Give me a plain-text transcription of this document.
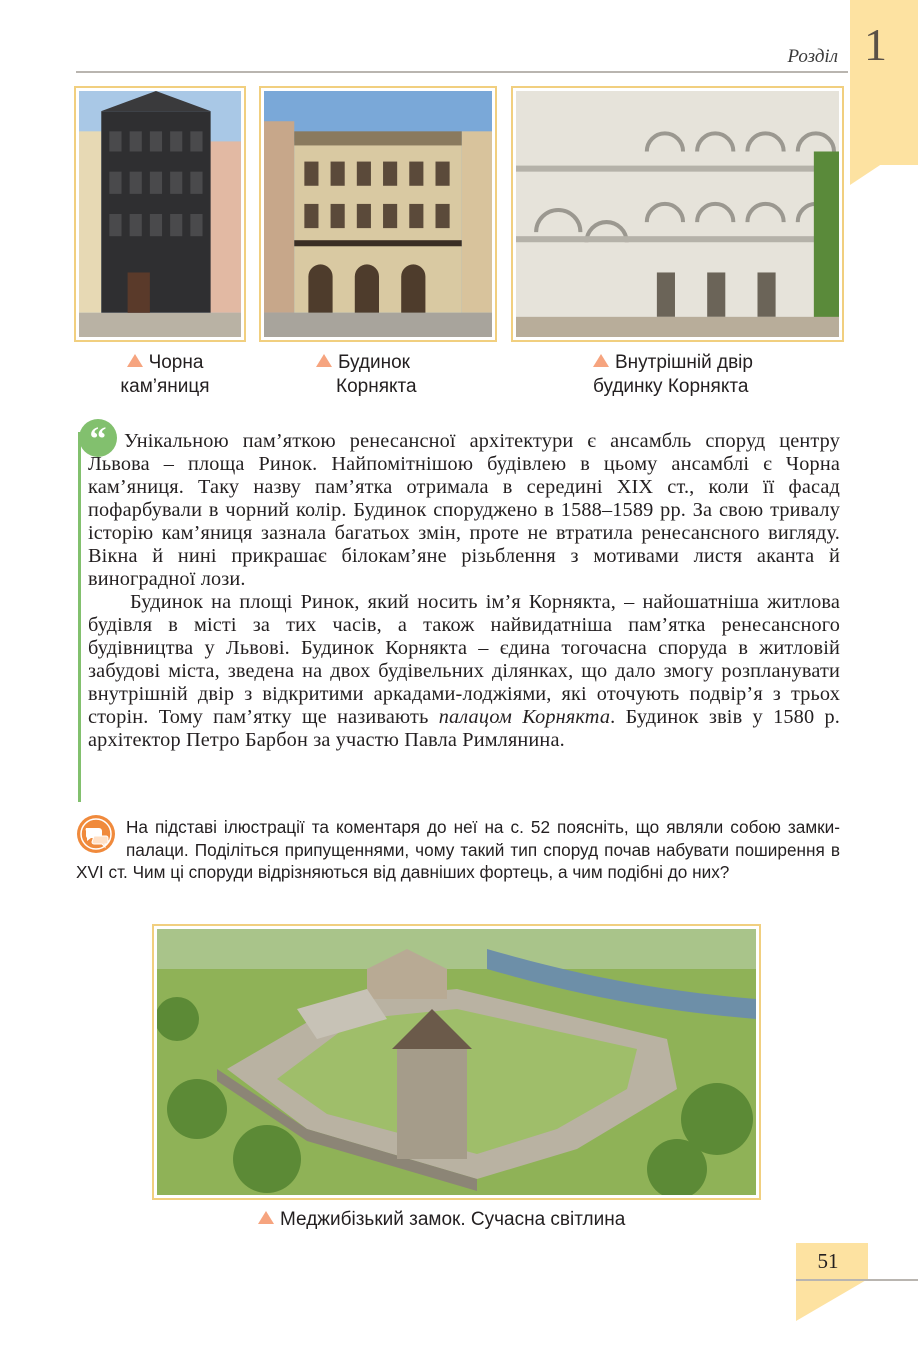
1
Розділ
Чорна
кам’яниця
Будинок
Корнякта
Внутрішній двір
будинку Корнякта
“ Унікальною пам’яткою ренесансної архітектури є ансамбль споруд центру Львова – площа Ринок. Найпомітнішою будівлею в цьому ансамблі є Чорна кам’яниця. Таку назву пам’ятка отримала в середині XIX ст., коли її фасад пофарбували в чорний колір. Будинок споруджено в 1588–1589 рр. За свою тривалу історію кам’яниця зазнала багатьох змін, проте не втратила ренесансного вигляду. Вікна й нині прикрашає білокам’яне різьблення з мотивами листя аканта й виноградної лози.

Будинок на площі Ринок, який носить ім’я Корнякта, – найошатніша житлова будівля в місті за тих часів, а також найвидатніша пам’ятка ренесансного будівництва у Львові. Будинок Корнякта – єдина тогочасна споруда в житловій забудові міста, зведена на двох будівельних ділянках, що дало змогу розпланувати внутрішній двір з відкритими аркадами-лоджіями, які оточують подвір’я з трьох сторін. Тому пам’ятку ще називають палацом Корнякта. Будинок звів у 1580 р. архітектор Петро Барбон за участю Павла Римлянина.

На підставі ілюстрації та коментаря до неї на с. 52 поясніть, що являли собою замки-палаци. Поділіться припущеннями, чому такий тип споруд почав набувати поширення в XVI ст. Чим ці споруди відрізняються від давніших фортець, а чим подібні до них?
Меджибізький замок. Сучасна світлина
51
